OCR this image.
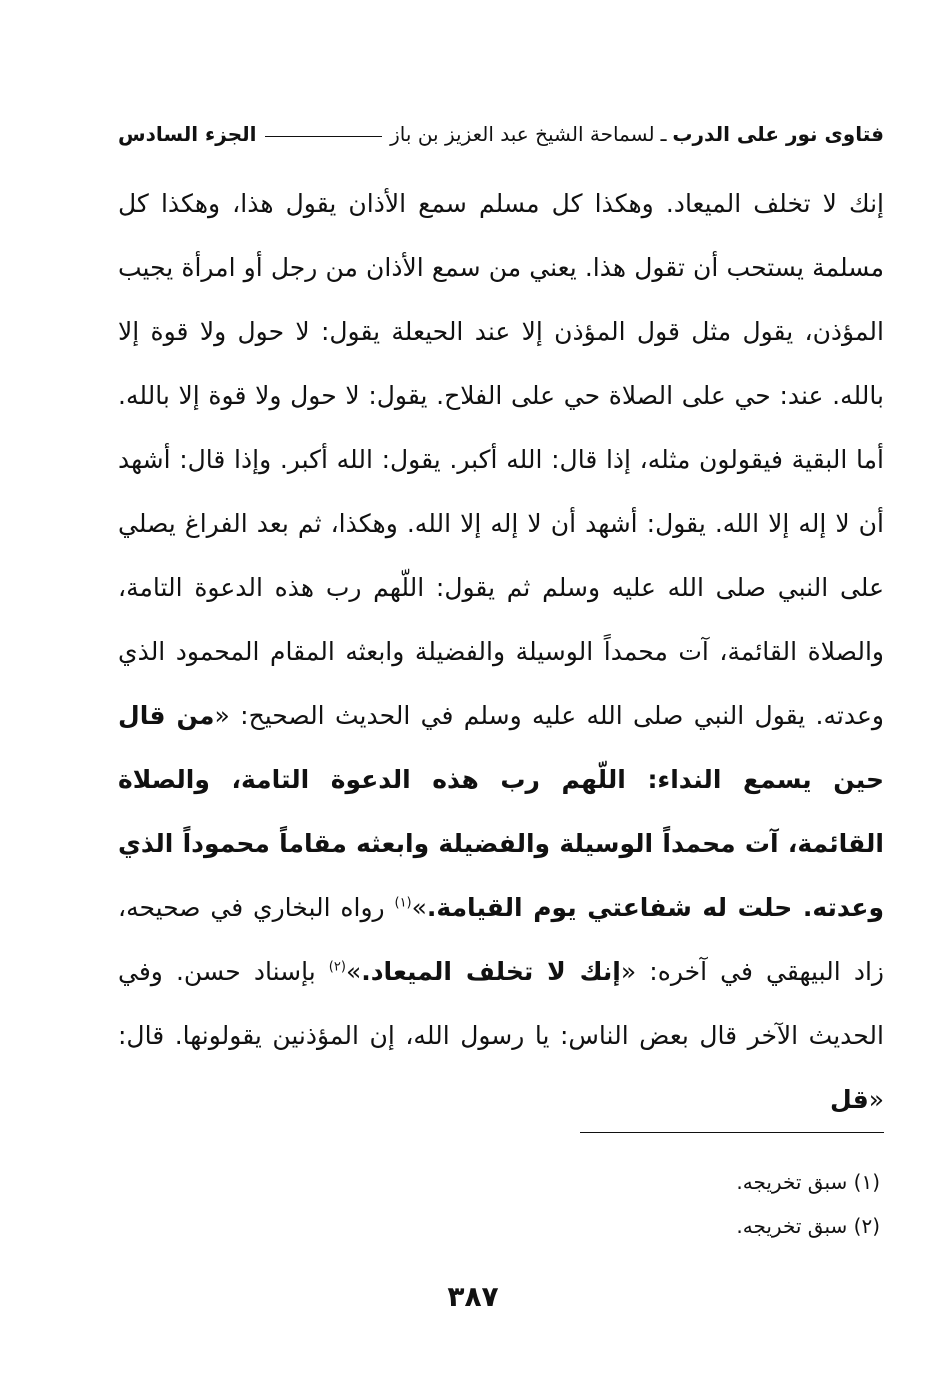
فتاوى نور على الدرب
ـ
لسماحة الشيخ عبد العزيز بن باز
الجزء السادس

إنك لا تخلف الميعاد. وهكذا كل مسلم سمع الأذان يقول هذا، وهكذا كل مسلمة يستحب أن تقول هذا. يعني من سمع الأذان من رجل أو امرأة يجيب المؤذن، يقول مثل قول المؤذن إلا عند الحيعلة يقول: لا حول ولا قوة إلا بالله. عند: حي على الصلاة حي على الفلاح. يقول: لا حول ولا قوة إلا بالله. أما البقية فيقولون مثله، إذا قال: الله أكبر. يقول: الله أكبر. وإذا قال: أشهد أن لا إله إلا الله. يقول: أشهد أن لا إله إلا الله. وهكذا، ثم بعد الفراغ يصلي على النبي صلى الله عليه وسلم ثم يقول: اللّهم رب هذه الدعوة التامة، والصلاة القائمة، آت محمداً الوسيلة والفضيلة وابعثه المقام المحمود الذي وعدته. يقول النبي صلى الله عليه وسلم في الحديث الصحيح: «من قال حين يسمع النداء: اللّهم رب هذه الدعوة التامة، والصلاة القائمة، آت محمداً الوسيلة والفضيلة وابعثه مقاماً محموداً الذي وعدته. حلت له شفاعتي يوم القيامة.»$^{(١)}$ رواه البخاري في صحيحه، زاد البيهقي في آخره: «إنك لا تخلف الميعاد.»$^{(٢)}$ بإسناد حسن. وفي الحديث الآخر قال بعض الناس: يا رسول الله، إن المؤذنين يقولونها. قال: «قل

(١) سبق تخريجه.
(٢) سبق تخريجه.
٣٨٧
